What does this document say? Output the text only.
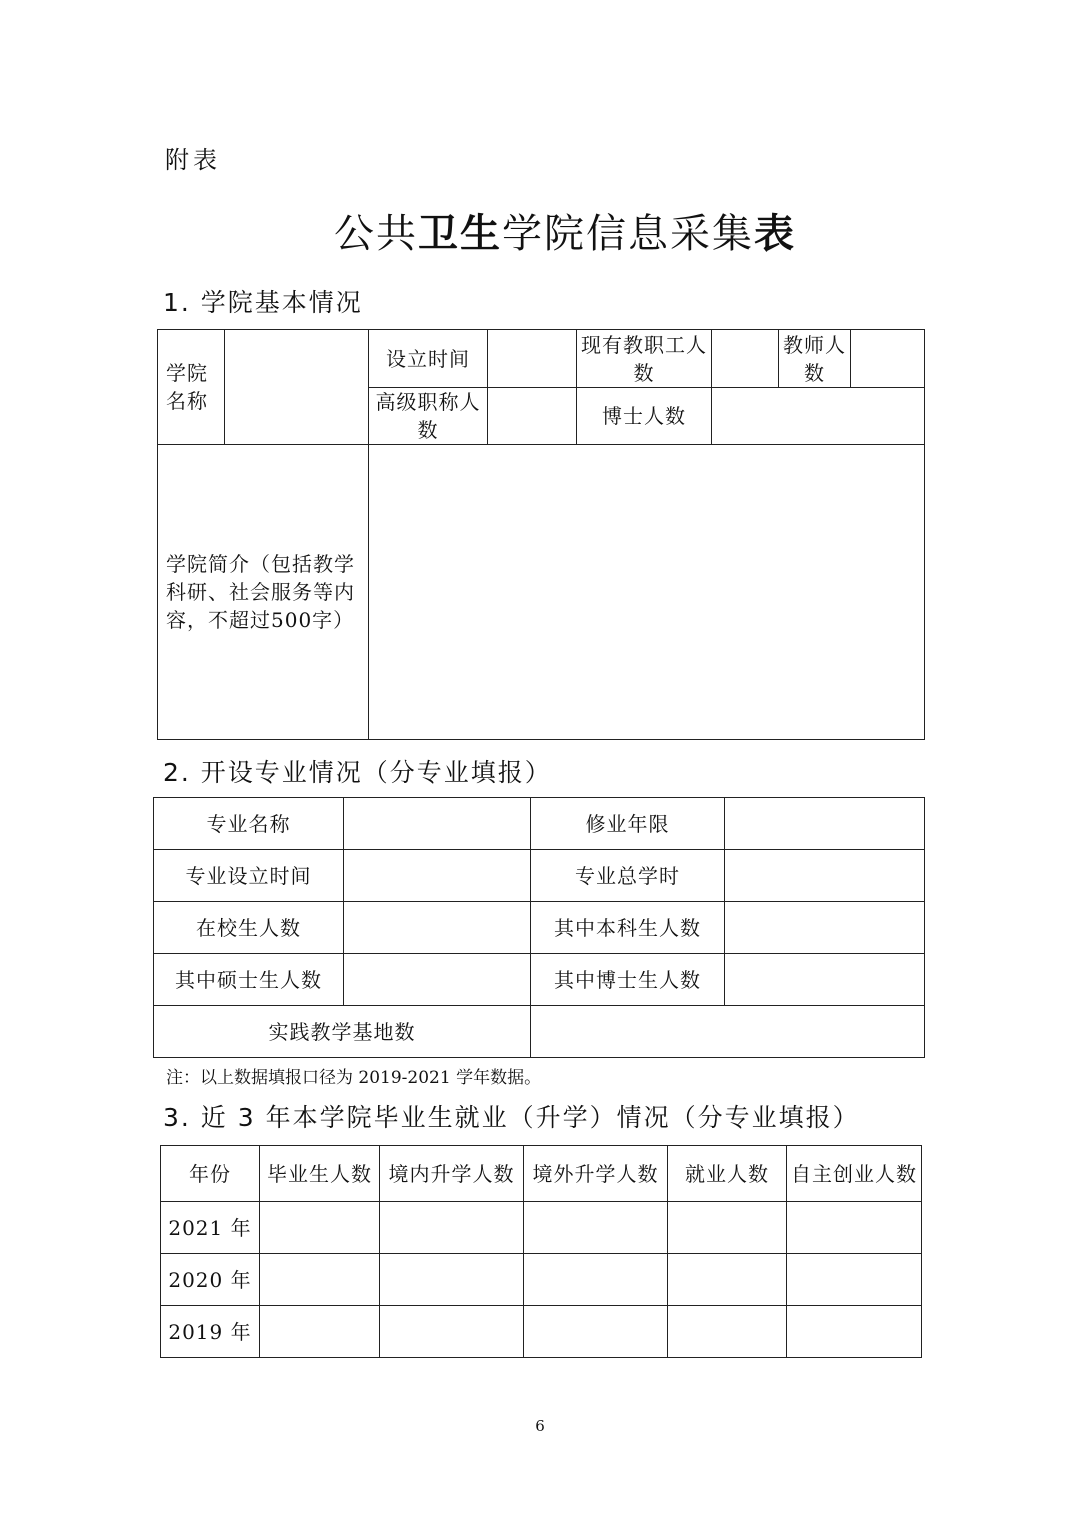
附表
公共卫生学院信息采集表
1. 学院基本情况
学院名称		设立时间		现有教职工人数		教师人数	
		高级职称人数		博士人数			
学院简介（包括教学科研、社会服务等内容，不超过500字）							
2. 开设专业情况（分专业填报）
专业名称		修业年限	
专业设立时间		专业总学时	
在校生人数		其中本科生人数	
其中硕士生人数		其中博士生人数	
实践教学基地数			
注：以上数据填报口径为 2019-2021 学年数据。
3. 近 3 年本学院毕业生就业（升学）情况（分专业填报）
年份	毕业生人数	境内升学人数	境外升学人数	就业人数	自主创业人数
2021 年					
2020 年					
2019 年					
6
